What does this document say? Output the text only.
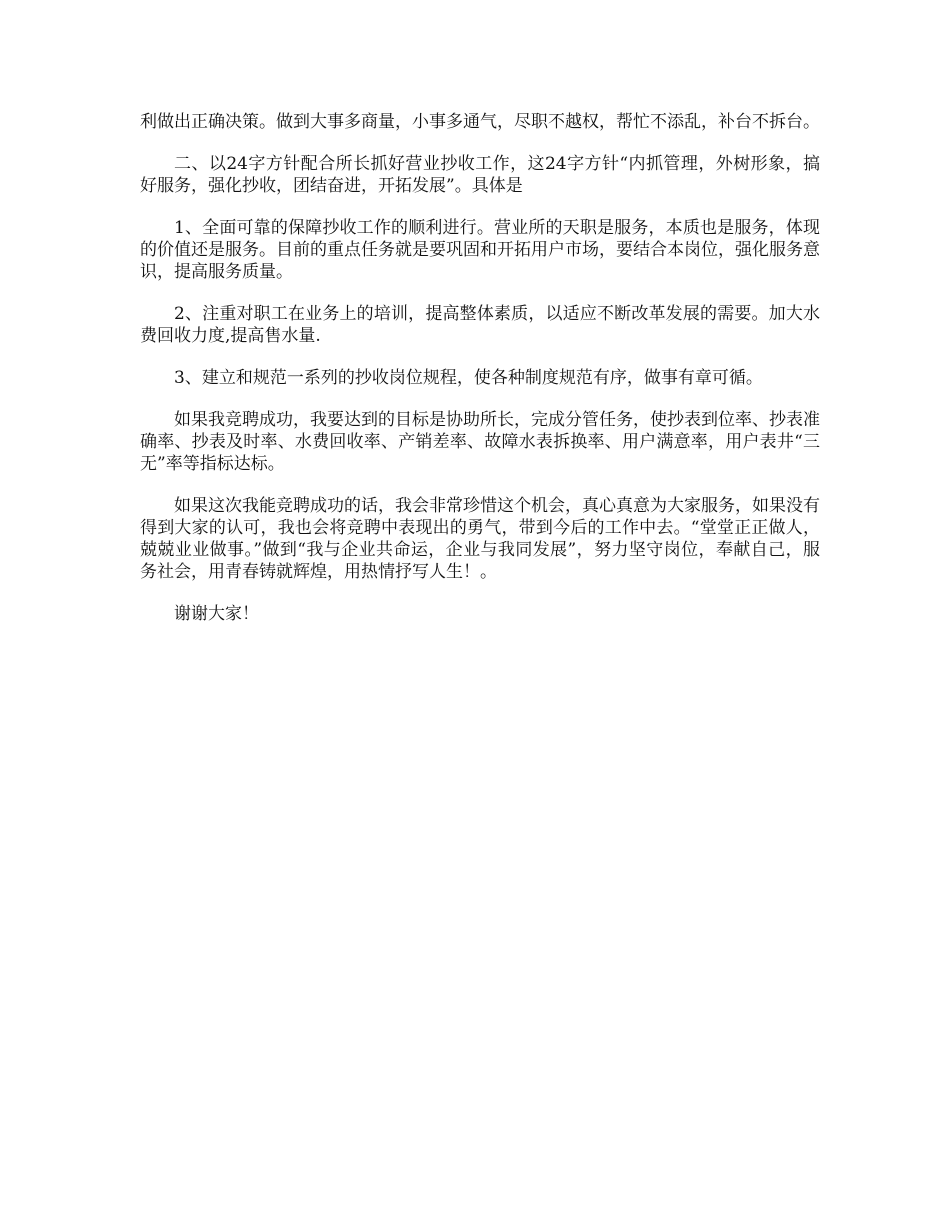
利做出正确决策。做到大事多商量，小事多通气，尽职不越权，帮忙不添乱，补台不拆台。

二、以24字方针配合所长抓好营业抄收工作，这24字方针“内抓管理，外树形象，搞好服务，强化抄收，团结奋进，开拓发展”。具体是

1、全面可靠的保障抄收工作的顺利进行。营业所的天职是服务，本质也是服务，体现的价值还是服务。目前的重点任务就是要巩固和开拓用户市场，要结合本岗位，强化服务意识，提高服务质量。

2、注重对职工在业务上的培训，提高整体素质，以适应不断改革发展的需要。加大水费回收力度,提高售水量.

3、建立和规范一系列的抄收岗位规程，使各种制度规范有序，做事有章可循。

如果我竞聘成功，我要达到的目标是协助所长，完成分管任务，使抄表到位率、抄表准确率、抄表及时率、水费回收率、产销差率、故障水表拆换率、用户满意率，用户表井“三无”率等指标达标。

如果这次我能竞聘成功的话，我会非常珍惜这个机会，真心真意为大家服务，如果没有得到大家的认可，我也会将竞聘中表现出的勇气，带到今后的工作中去。“堂堂正正做人，兢兢业业做事。”做到“我与企业共命运，企业与我同发展”，努力坚守岗位，奉献自己，服务社会，用青春铸就辉煌，用热情抒写人生！。

谢谢大家！
